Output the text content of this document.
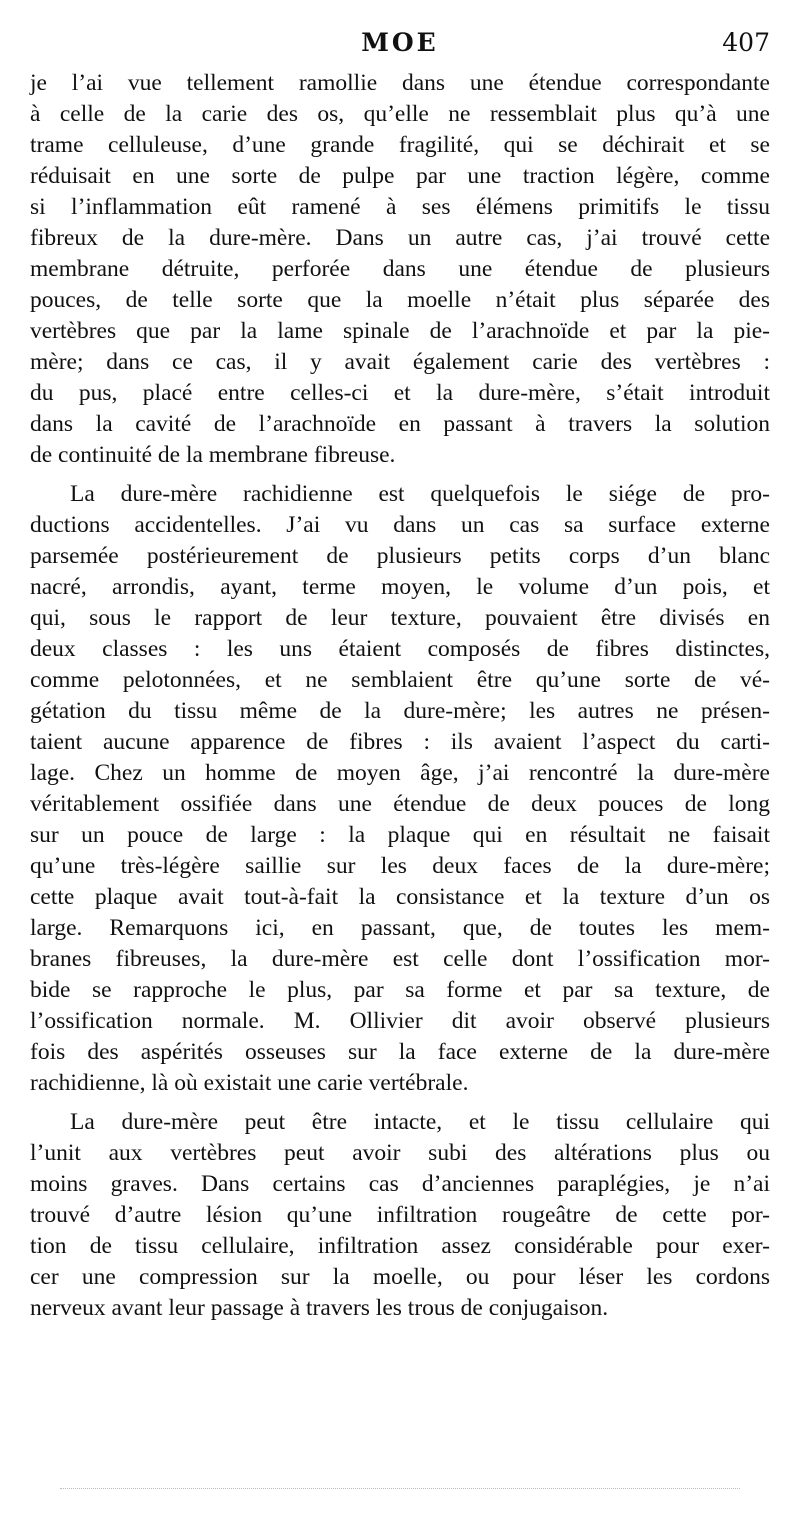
MOE	407

je l’ai vue tellement ramollie dans une étendue correspondante
à celle de la carie des os, qu’elle ne ressemblait plus qu’à une
trame celluleuse, d’une grande fragilité, qui se déchirait et se
réduisait en une sorte de pulpe par une traction légère, comme
si l’inflammation eût ramené à ses élémens primitifs le tissu
fibreux de la dure-mère. Dans un autre cas, j’ai trouvé cette
membrane détruite, perforée dans une étendue de plusieurs
pouces, de telle sorte que la moelle n’était plus séparée des
vertèbres que par la lame spinale de l’arachnoïde et par la pie-
mère; dans ce cas, il y avait également carie des vertèbres :
du pus, placé entre celles-ci et la dure-mère, s’était introduit
dans la cavité de l’arachnoïde en passant à travers la solution
de continuité de la membrane fibreuse.

La dure-mère rachidienne est quelquefois le siége de pro-
ductions accidentelles. J’ai vu dans un cas sa surface externe
parsemée postérieurement de plusieurs petits corps d’un blanc
nacré, arrondis, ayant, terme moyen, le volume d’un pois, et
qui, sous le rapport de leur texture, pouvaient être divisés en
deux classes : les uns étaient composés de fibres distinctes,
comme pelotonnées, et ne semblaient être qu’une sorte de vé-
gétation du tissu même de la dure-mère; les autres ne présen-
taient aucune apparence de fibres : ils avaient l’aspect du carti-
lage. Chez un homme de moyen âge, j’ai rencontré la dure-mère
véritablement ossifiée dans une étendue de deux pouces de long
sur un pouce de large : la plaque qui en résultait ne faisait
qu’une très-légère saillie sur les deux faces de la dure-mère;
cette plaque avait tout-à-fait la consistance et la texture d’un os
large. Remarquons ici, en passant, que, de toutes les mem-
branes fibreuses, la dure-mère est celle dont l’ossification mor-
bide se rapproche le plus, par sa forme et par sa texture, de
l’ossification normale. M. Ollivier dit avoir observé plusieurs
fois des aspérités osseuses sur la face externe de la dure-mère
rachidienne, là où existait une carie vertébrale.

La dure-mère peut être intacte, et le tissu cellulaire qui
l’unit aux vertèbres peut avoir subi des altérations plus ou
moins graves. Dans certains cas d’anciennes paraplégies, je n’ai
trouvé d’autre lésion qu’une infiltration rougeâtre de cette por-
tion de tissu cellulaire, infiltration assez considérable pour exer-
cer une compression sur la moelle, ou pour léser les cordons
nerveux avant leur passage à travers les trous de conjugaison.
